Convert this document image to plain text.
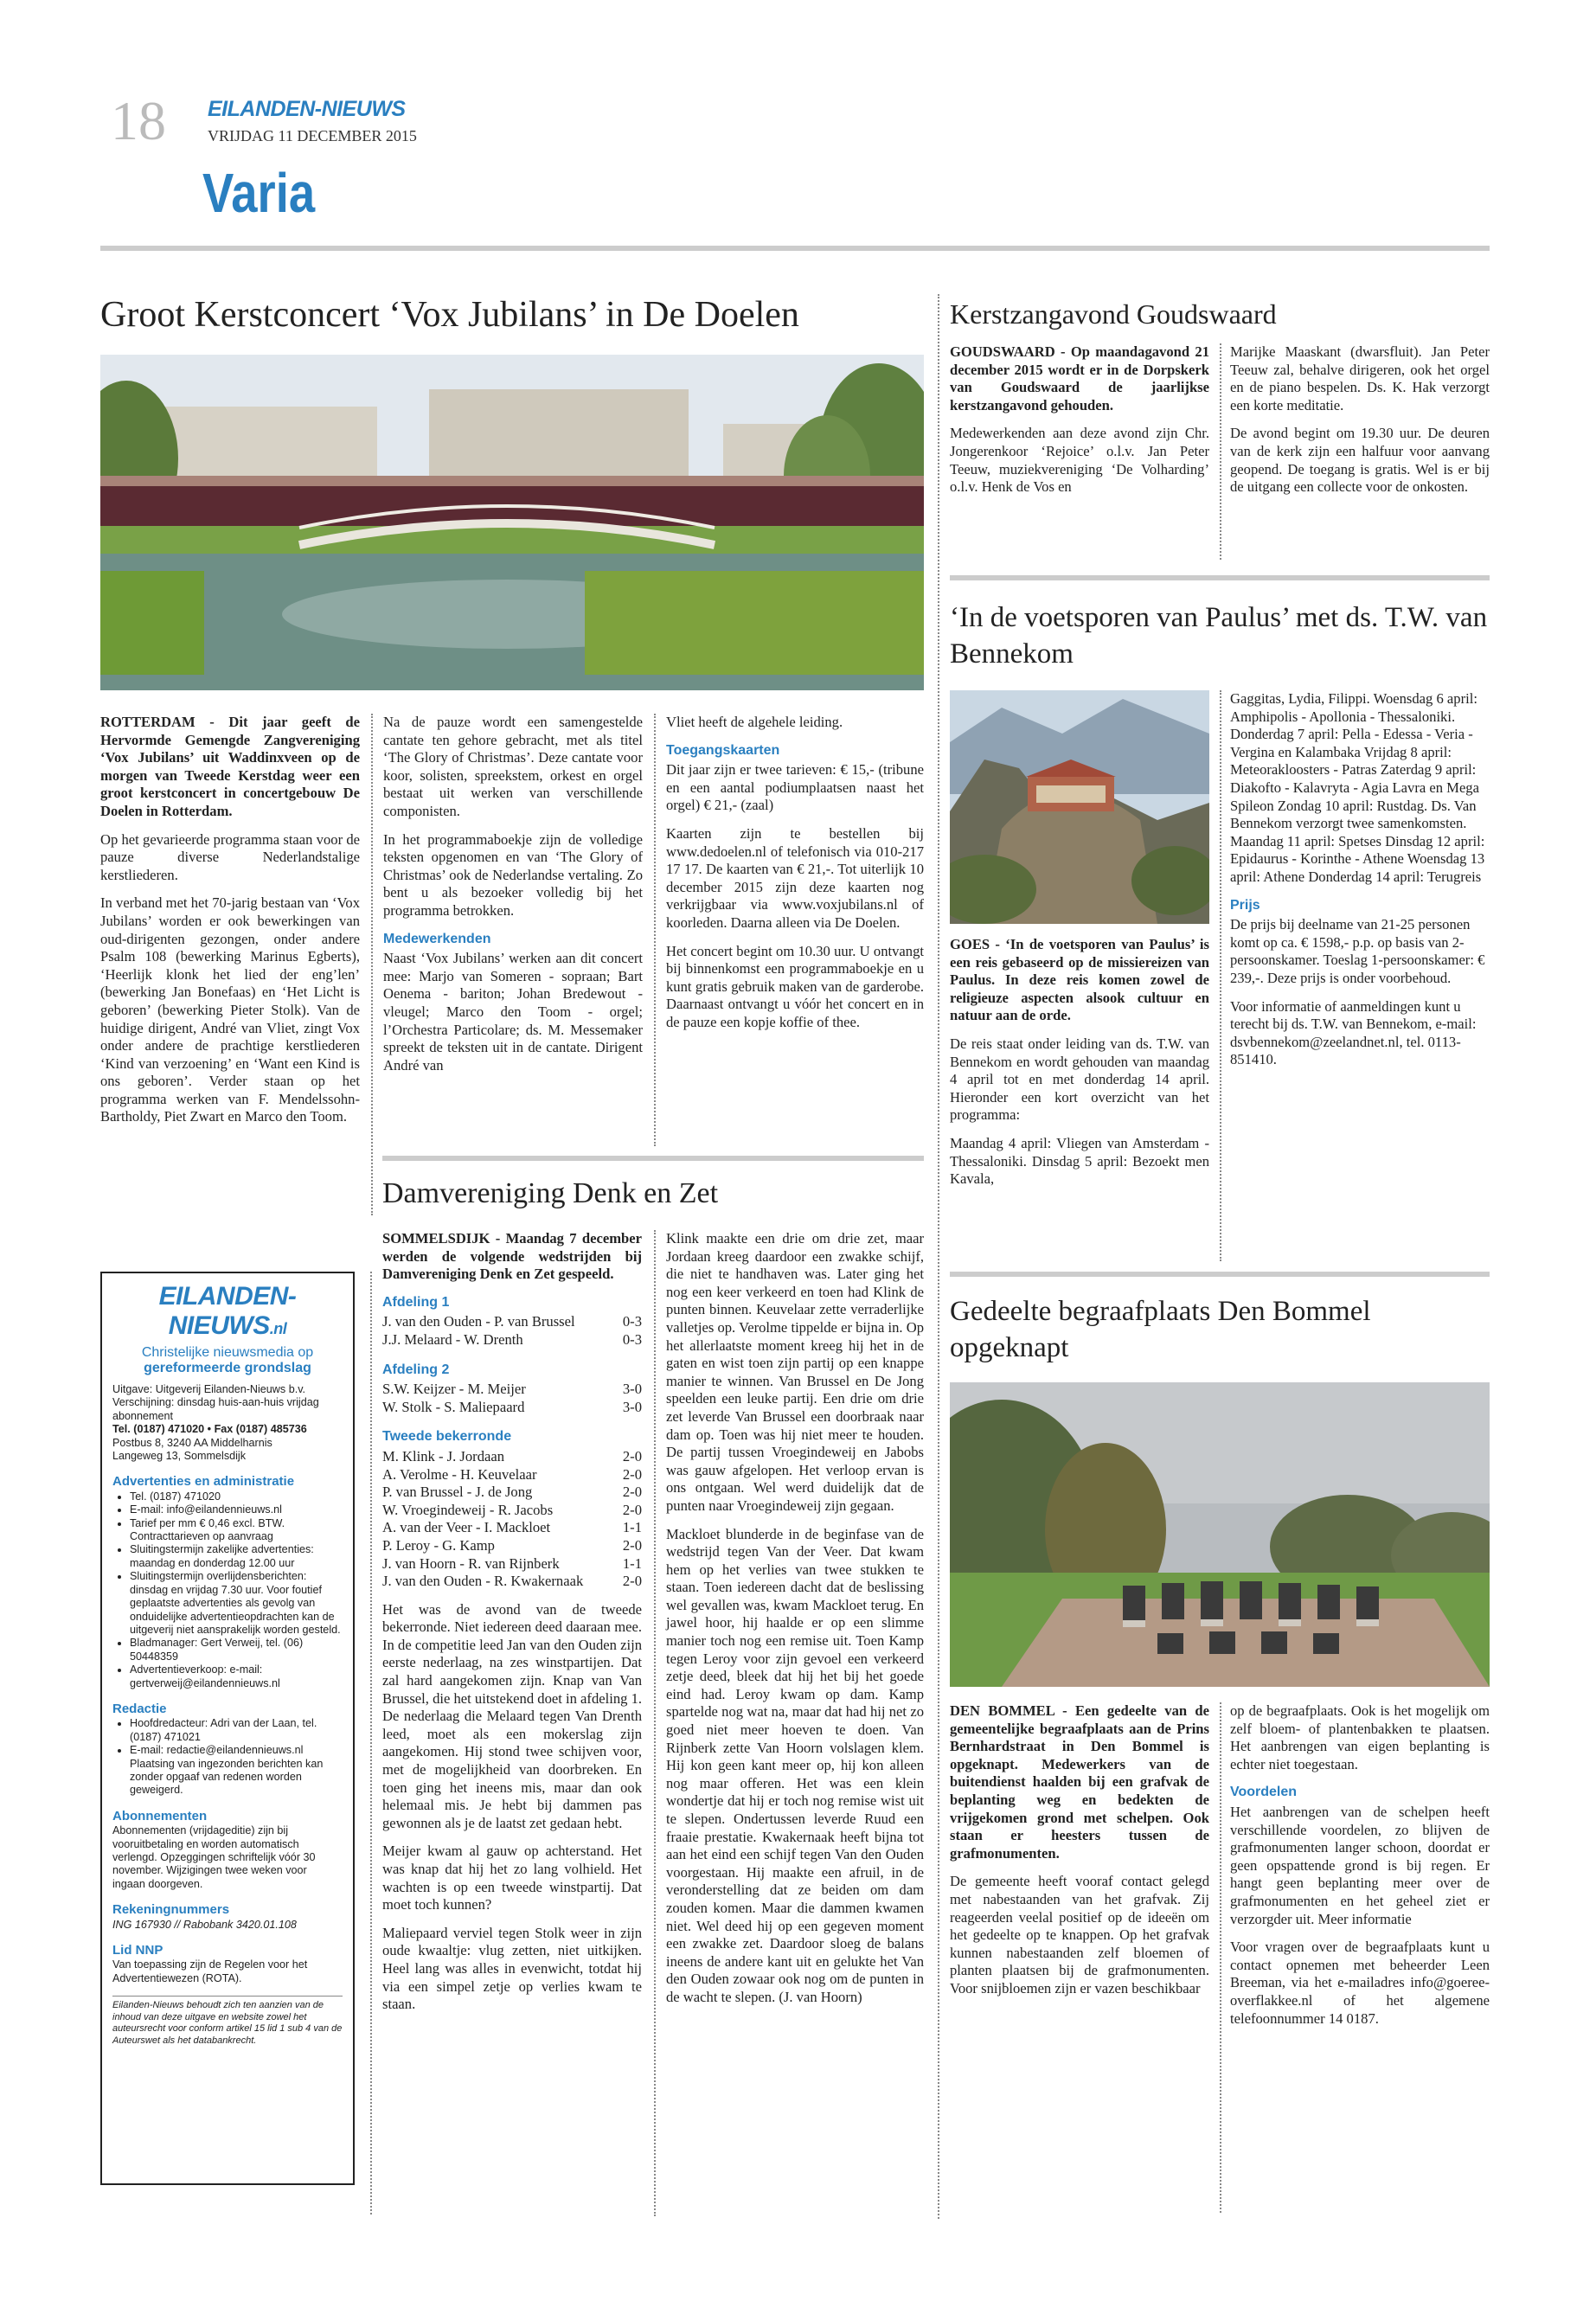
18 EILANDEN-NIEUWS
VRIJDAG 11 DECEMBER 2015
Varia
Groot Kerstconcert ‘Vox Jubilans’ in De Doelen

ROTTERDAM - Dit jaar geeft de Hervormde Gemengde Zangvereniging ‘Vox Jubilans’ uit Waddinxveen op de morgen van Tweede Kerstdag weer een groot kerstconcert in concertgebouw De Doelen in Rotterdam.

Op het gevarieerde programma staan voor de pauze diverse Nederlandstalige kerstliederen.

In verband met het 70-jarig bestaan van ‘Vox Jubilans’ worden er ook bewerkingen van oud-dirigenten gezongen, onder andere Psalm 108 (bewerking Marinus Egberts), ‘Heerlijk klonk het lied der eng’len’ (bewerking Jan Bonefaas) en ‘Het Licht is geboren’ (bewerking Pieter Stolk). Van de huidige dirigent, André van Vliet, zingt Vox onder andere de prachtige kerstliederen ‘Kind van verzoening’ en ‘Want een Kind is ons geboren’. Verder staan op het programma werken van F. Mendelssohn-Bartholdy, Piet Zwart en Marco den Toom.

Na de pauze wordt een samengestelde cantate ten gehore gebracht, met als titel ‘The Glory of Christmas’. Deze cantate voor koor, solisten, spreekstem, orkest en orgel bestaat uit werken van verschillende componisten.

In het programmaboekje zijn de volledige teksten opgenomen en van ‘The Glory of Christmas’ ook de Nederlandse vertaling. Zo bent u als bezoeker volledig bij het programma betrokken.

Medewerkenden

Naast ‘Vox Jubilans’ werken aan dit concert mee: Marjo van Someren - sopraan; Bart Oenema - bariton; Johan Bredewout - vleugel; Marco den Toom - orgel; l’Orchestra Particolare; ds. M. Messemaker spreekt de teksten uit in de cantate. Dirigent André van

Vliet heeft de algehele leiding.

Toegangskaarten

Dit jaar zijn er twee tarieven: € 15,- (tribune en een aantal podiumplaatsen naast het orgel) € 21,- (zaal)

Kaarten zijn te bestellen bij www.dedoelen.nl of telefonisch via 010-217 17 17. De kaarten van € 21,-. Tot uiterlijk 10 december 2015 zijn deze kaarten nog verkrijgbaar via www.voxjubilans.nl of koorleden. Daarna alleen via De Doelen.

Het concert begint om 10.30 uur. U ontvangt bij binnenkomst een programmaboekje en u kunt gratis gebruik maken van de garderobe. Daarnaast ontvangt u vóór het concert en in de pauze een kopje koffie of thee.

EILANDEN-NIEUWS.nl
Christelijke nieuwsmedia op
gereformeerde grondslag
Uitgave: Uitgeverij Eilanden-Nieuws b.v.
Verschijning: dinsdag huis-aan-huis vrijdag abonnement
Tel. (0187) 471020 • Fax (0187) 485736
Postbus 8, 3240 AA Middelharnis
Langeweg 13, Sommelsdijk
Advertenties en administratie
• Tel. (0187) 471020
• E-mail: info@eilandennieuws.nl
• Tarief per mm € 0,46 excl. BTW. Contracttarieven op aanvraag
• Sluitingstermijn zakelijke advertenties: maandag en donderdag 12.00 uur
• Sluitingstermijn overlijdensberichten: dinsdag en vrijdag 7.30 uur. Voor foutief geplaatste advertenties als gevolg van onduidelijke advertentieopdrachten kan de uitgeverij niet aansprakelijk worden gesteld.
• Bladmanager: Gert Verweij, tel. (06) 50448359
• Advertentieverkoop: e-mail: gertverweij@eilandennieuws.nl
Redactie
• Hoofdredacteur: Adri van der Laan, tel. (0187) 471021
• E-mail: redactie@eilandennieuws.nl Plaatsing van ingezonden berichten kan zonder opgaaf van redenen worden geweigerd.
Abonnementen
Abonnementen (vrijdageditie) zijn bij vooruitbetaling en worden automatisch verlengd. Opzeggingen schriftelijk vóór 30 november. Wijzigingen twee weken voor ingaan doorgeven.
Rekeningnummers
ING 167930 // Rabobank 3420.01.108
Lid NNP
Van toepassing zijn de Regelen voor het Advertentiewezen (ROTA).
Eilanden-Nieuws behoudt zich ten aanzien van de inhoud van deze uitgave en website zowel het auteursrecht voor conform artikel 15 lid 1 sub 4 van de Auteurswet als het databankrecht.
Damvereniging Denk en Zet

SOMMELSDIJK - Maandag 7 december werden de volgende wedstrijden bij Damvereniging Denk en Zet gespeeld.

Afdeling 1
J. van den Ouden - P. van Brussel	0-3
J.J. Melaard - W. Drenth	0-3
Afdeling 2
S.W. Keijzer - M. Meijer	3-0
W. Stolk - S. Maliepaard	3-0
Tweede bekerronde
M. Klink - J. Jordaan	2-0
A. Verolme - H. Keuvelaar	2-0
P. van Brussel - J. de Jong	2-0
W. Vroegindeweij - R. Jacobs	2-0
A. van der Veer - I. Mackloet	1-1
P. Leroy - G. Kamp	2-0
J. van Hoorn - R. van Rijnberk	1-1
J. van den Ouden - R. Kwakernaak	2-0

Het was de avond van de tweede bekerronde. Niet iedereen deed daaraan mee. In de competitie leed Jan van den Ouden zijn eerste nederlaag, na zes winstpartijen. Dat zal hard aangekomen zijn. Knap van Van Brussel, die het uitstekend doet in afdeling 1. De nederlaag die Melaard tegen Van Drenth leed, moet als een mokerslag zijn aangekomen. Hij stond twee schijven voor, met de mogelijkheid van doorbreken. En toen ging het ineens mis, maar dan ook helemaal mis. Je hebt bij dammen pas gewonnen als je de laatst zet gedaan hebt.

Meijer kwam al gauw op achterstand. Het was knap dat hij het zo lang volhield. Het wachten is op een tweede winstpartij. Dat moet toch kunnen?

Maliepaard verviel tegen Stolk weer in zijn oude kwaaltje: vlug zetten, niet uitkijken. Heel lang was alles in evenwicht, totdat hij via een simpel zetje op verlies kwam te staan.

Klink maakte een drie om drie zet, maar Jordaan kreeg daardoor een zwakke schijf, die niet te handhaven was. Later ging het nog een keer verkeerd en toen had Klink de punten binnen. Keuvelaar zette verraderlijke valletjes op. Verolme tippelde er bijna in. Op het allerlaatste moment kreeg hij het in de gaten en wist toen zijn partij op een knappe manier te winnen. Van Brussel en De Jong speelden een leuke partij. Een drie om drie zet leverde Van Brussel een doorbraak naar dam op. Toen was hij niet meer te houden. De partij tussen Vroegindeweij en Jabobs was gauw afgelopen. Het verloop ervan is ons ontgaan. Wel werd duidelijk dat de punten naar Vroegindeweij zijn gegaan.

Mackloet blunderde in de beginfase van de wedstrijd tegen Van der Veer. Dat kwam hem op het verlies van twee stukken te staan. Toen iedereen dacht dat de beslissing wel gevallen was, kwam Mackloet terug. En jawel hoor, hij haalde er op een slimme manier toch nog een remise uit. Toen Kamp tegen Leroy voor zijn gevoel een verkeerd zetje deed, bleek dat hij het bij het goede eind had. Leroy kwam op dam. Kamp spartelde nog wat na, maar dat had hij net zo goed niet meer hoeven te doen. Van Rijnberk zette Van Hoorn volslagen klem. Hij kon geen kant meer op, hij kon alleen nog maar offeren. Het was een klein wondertje dat hij er toch nog remise wist uit te slepen. Ondertussen leverde Ruud een fraaie prestatie. Kwakernaak heeft bijna tot aan het eind een schijf tegen Van den Ouden voorgestaan. Hij maakte een afruil, in de veronderstelling dat ze beiden om dam zouden komen. Maar die dammen kwamen niet. Wel deed hij op een gegeven moment een zwakke zet. Daardoor sloeg de balans ineens de andere kant uit en gelukte het Van den Ouden zowaar ook nog om de punten in de wacht te slepen. (J. van Hoorn)

Kerstzangavond Goudswaard

GOUDSWAARD - Op maandagavond 21 december 2015 wordt er in de Dorpskerk van Goudswaard de jaarlijkse kerstzangavond gehouden.

Medewerkenden aan deze avond zijn Chr. Jongerenkoor ‘Rejoice’ o.l.v. Jan Peter Teeuw, muziekvereniging ‘De Volharding’ o.l.v. Henk de Vos en

Marijke Maaskant (dwarsfluit). Jan Peter Teeuw zal, behalve dirigeren, ook het orgel en de piano bespelen. Ds. K. Hak verzorgt een korte meditatie.

De avond begint om 19.30 uur. De deuren van de kerk zijn een halfuur voor aanvang geopend. De toegang is gratis. Wel is er bij de uitgang een collecte voor de onkosten.

‘In de voetsporen van Paulus’ met ds. T.W. van Bennekom

GOES - ‘In de voetsporen van Paulus’ is een reis gebaseerd op de missiereizen van Paulus. In deze reis komen zowel de religieuze aspecten alsook cultuur en natuur aan de orde.

De reis staat onder leiding van ds. T.W. van Bennekom en wordt gehouden van maandag 4 april tot en met donderdag 14 april. Hieronder een kort overzicht van het programma:

Maandag 4 april: Vliegen van Amsterdam - Thessaloniki. Dinsdag 5 april: Bezoekt men Kavala,

Gaggitas, Lydia, Filippi. Woensdag 6 april: Amphipolis - Apollonia - Thessaloniki. Donderdag 7 april: Pella - Edessa - Veria - Vergina en Kalambaka Vrijdag 8 april: Meteorakloosters - Patras Zaterdag 9 april: Diakofto - Kalavryta - Agia Lavra en Mega Spileon Zondag 10 april: Rustdag. Ds. Van Bennekom verzorgt twee samenkomsten. Maandag 11 april: Spetses Dinsdag 12 april: Epidaurus - Korinthe - Athene Woensdag 13 april: Athene Donderdag 14 april: Terugreis

Prijs

De prijs bij deelname van 21-25 personen komt op ca. € 1598,- p.p. op basis van 2-persoonskamer. Toeslag 1-persoonskamer: € 239,-. Deze prijs is onder voorbehoud.

Voor informatie of aanmeldingen kunt u terecht bij ds. T.W. van Bennekom, e-mail: dsvbennekom@zeelandnet.nl, tel. 0113-851410.

Gedeelte begraafplaats Den Bommel opgeknapt

DEN BOMMEL - Een gedeelte van de gemeentelijke begraafplaats aan de Prins Bernhardstraat in Den Bommel is opgeknapt. Medewerkers van de buitendienst haalden bij een grafvak de beplanting weg en bedekten de vrijgekomen grond met schelpen. Ook staan er heesters tussen de grafmonumenten.

De gemeente heeft vooraf contact gelegd met nabestaanden van het grafvak. Zij reageerden veelal positief op de ideeën om het gedeelte op te knappen. Op het grafvak kunnen nabestaanden zelf bloemen of planten plaatsen bij de grafmonumenten. Voor snijbloemen zijn er vazen beschikbaar

op de begraafplaats. Ook is het mogelijk om zelf bloem- of plantenbakken te plaatsen. Het aanbrengen van eigen beplanting is echter niet toegestaan.

Voordelen

Het aanbrengen van de schelpen heeft verschillende voordelen, zo blijven de grafmonumenten langer schoon, doordat er geen opspattende grond is bij regen. Er hangt geen beplanting meer over de grafmonumenten en het geheel ziet er verzorgder uit. Meer informatie

Voor vragen over de begraafplaats kunt u contact opnemen met beheerder Leen Breeman, via het e-mailadres info@goeree-overflakkee.nl of het algemene telefoonnummer 14 0187.
